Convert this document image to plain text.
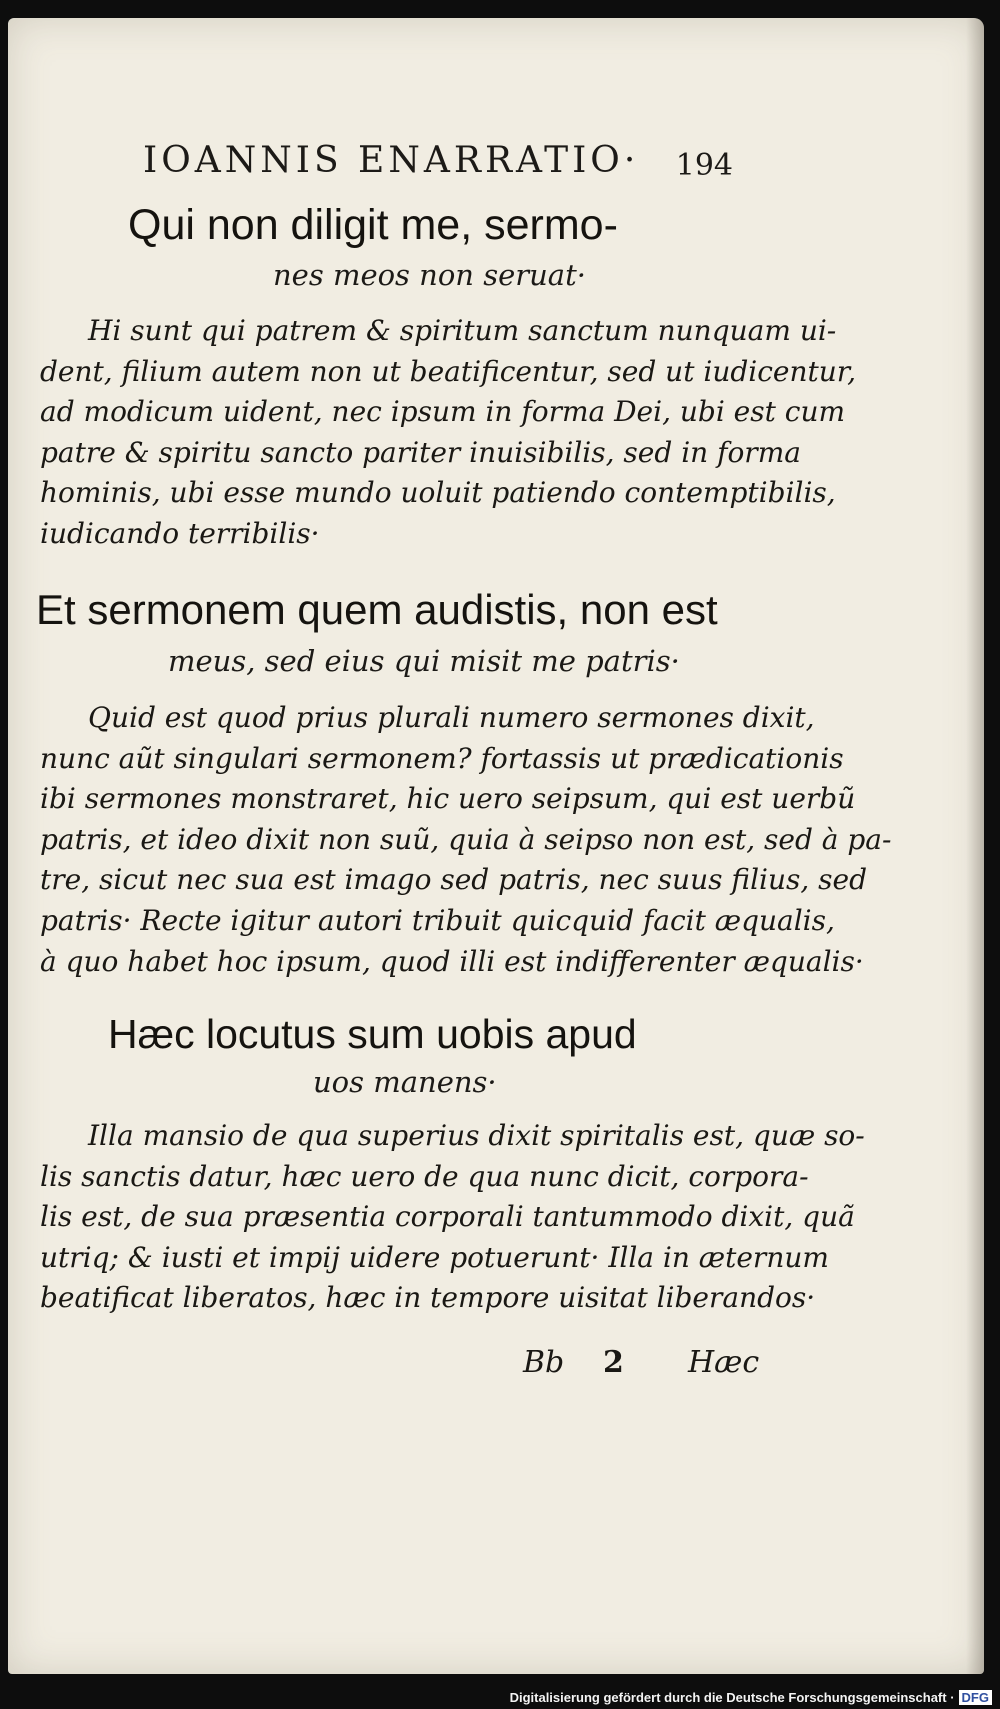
IOANNIS ENARRATIO· 194
Qui non diligit me, sermo-
nes meos non seruat·
Hi sunt qui patrem & spiritum sanctum nunquam ui-
dent, filium autem non ut beatificentur, sed ut iudicentur,
ad modicum uident, nec ipsum in forma Dei, ubi est cum
patre & spiritu sancto pariter inuisibilis, sed in forma
hominis, ubi esse mundo uoluit patiendo contemptibilis,
iudicando terribilis·
Et sermonem quem audistis, non est
meus, sed eius qui misit me patris·
Quid est quod prius plurali numero sermones dixit,
nunc aũt singulari sermonem? fortassis ut prædicationis
ibi sermones monstraret, hic uero seipsum, qui est uerbũ
patris, et ideo dixit non suũ, quia à seipso non est, sed à pa-
tre, sicut nec sua est imago sed patris, nec suus filius, sed
patris· Recte igitur autori tribuit quicquid facit æqualis,
à quo habet hoc ipsum, quod illi est indifferenter æqualis·
Hæc locutus sum uobis apud
uos manens·
Illa mansio de qua superius dixit spiritalis est, quæ so-
lis sanctis datur, hæc uero de qua nunc dicit, corpora-
lis est, de sua præsentia corporali tantummodo dixit, quã
utriq; & iusti et impij uidere potuerunt· Illa in æternum
beatificat liberatos, hæc in tempore uisitat liberandos·
Bb 2 Hæc
Digitalisierung gefördert durch die Deutsche Forschungsgemeinschaft · DFG
